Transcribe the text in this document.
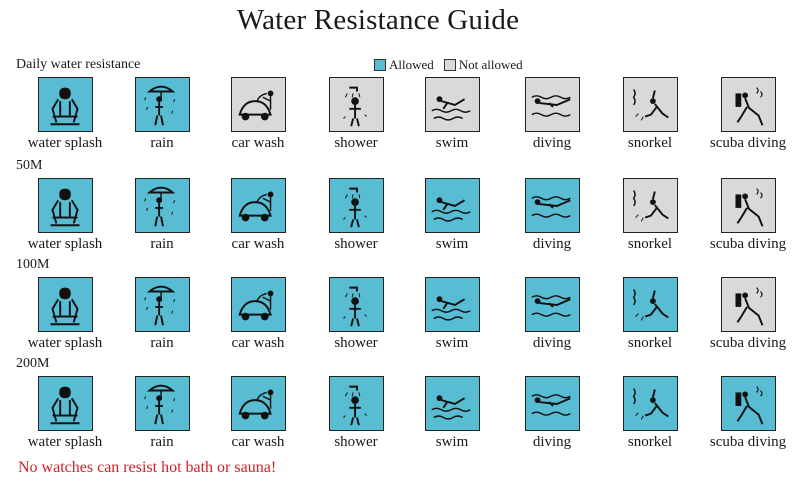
Water Resistance Guide
Allowed Not allowed
Daily water resistance
water splash	rain	car wash	shower	swim	diving	snorkel	scuba diving
50M
water splash	rain	car wash	shower	swim	diving	snorkel	scuba diving
100M
water splash	rain	car wash	shower	swim	diving	snorkel	scuba diving
200M
water splash	rain	car wash	shower	swim	diving	snorkel	scuba diving
No watches can resist hot bath or sauna!
